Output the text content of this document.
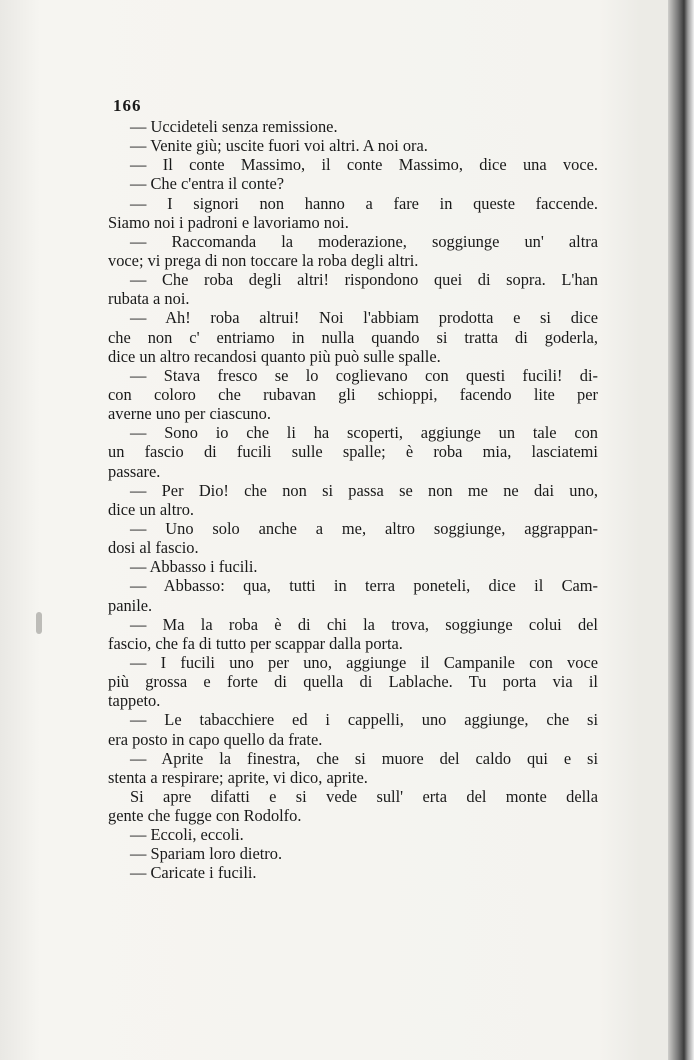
166
— Uccideteli senza remissione.
— Venite giù; uscite fuori voi altri. A noi ora.
— Il conte Massimo, il conte Massimo, dice una voce.
— Che c'entra il conte?
— I signori non hanno a fare in queste faccende.
Siamo noi i padroni e lavoriamo noi.
— Raccomanda la moderazione, soggiunge un' altra
voce; vi prega di non toccare la roba degli altri.
— Che roba degli altri! rispondono quei di sopra. L'han
rubata a noi.
— Ah! roba altrui! Noi l'abbiam prodotta e si dice
che non c' entriamo in nulla quando si tratta di goderla,
dice un altro recandosi quanto più può sulle spalle.
— Stava fresco se lo coglievano con questi fucili! di-
con coloro che rubavan gli schioppi, facendo lite per
averne uno per ciascuno.
— Sono io che li ha scoperti, aggiunge un tale con
un fascio di fucili sulle spalle; è roba mia, lasciatemi
passare.
— Per Dio! che non si passa se non me ne dai uno,
dice un altro.
— Uno solo anche a me, altro soggiunge, aggrappan-
dosi al fascio.
— Abbasso i fucili.
— Abbasso: qua, tutti in terra poneteli, dice il Cam-
panile.
— Ma la roba è di chi la trova, soggiunge colui del
fascio, che fa di tutto per scappar dalla porta.
— I fucili uno per uno, aggiunge il Campanile con voce
più grossa e forte di quella di Lablache. Tu porta via il
tappeto.
— Le tabacchiere ed i cappelli, uno aggiunge, che si
era posto in capo quello da frate.
— Aprite la finestra, che si muore del caldo qui e si
stenta a respirare; aprite, vi dico, aprite.
Si apre difatti e si vede sull' erta del monte della
gente che fugge con Rodolfo.
— Eccoli, eccoli.
— Spariam loro dietro.
— Caricate i fucili.
